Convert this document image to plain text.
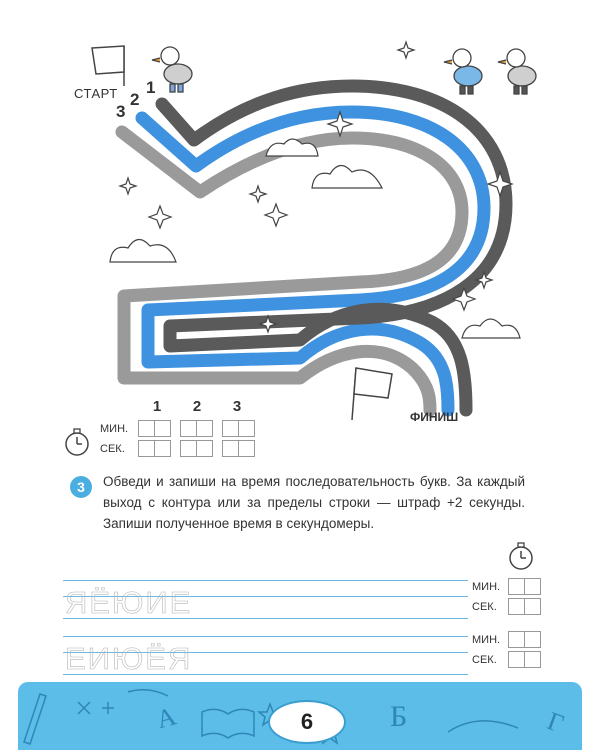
СТАРТ 1
2
3
ФИНИШ
1	2	3
МИН.
СЕК.
3	Обведи и запиши на время последовательность букв. За каждый выход с контура или за пределы строки — штраф +2 секунды. Запиши полученное время в секундомеры.
ЯЁЮИЕ	МИН.
СЕК.
ЕИЮЁЯ
МИН.
СЕК.
А	Б	Г
6
